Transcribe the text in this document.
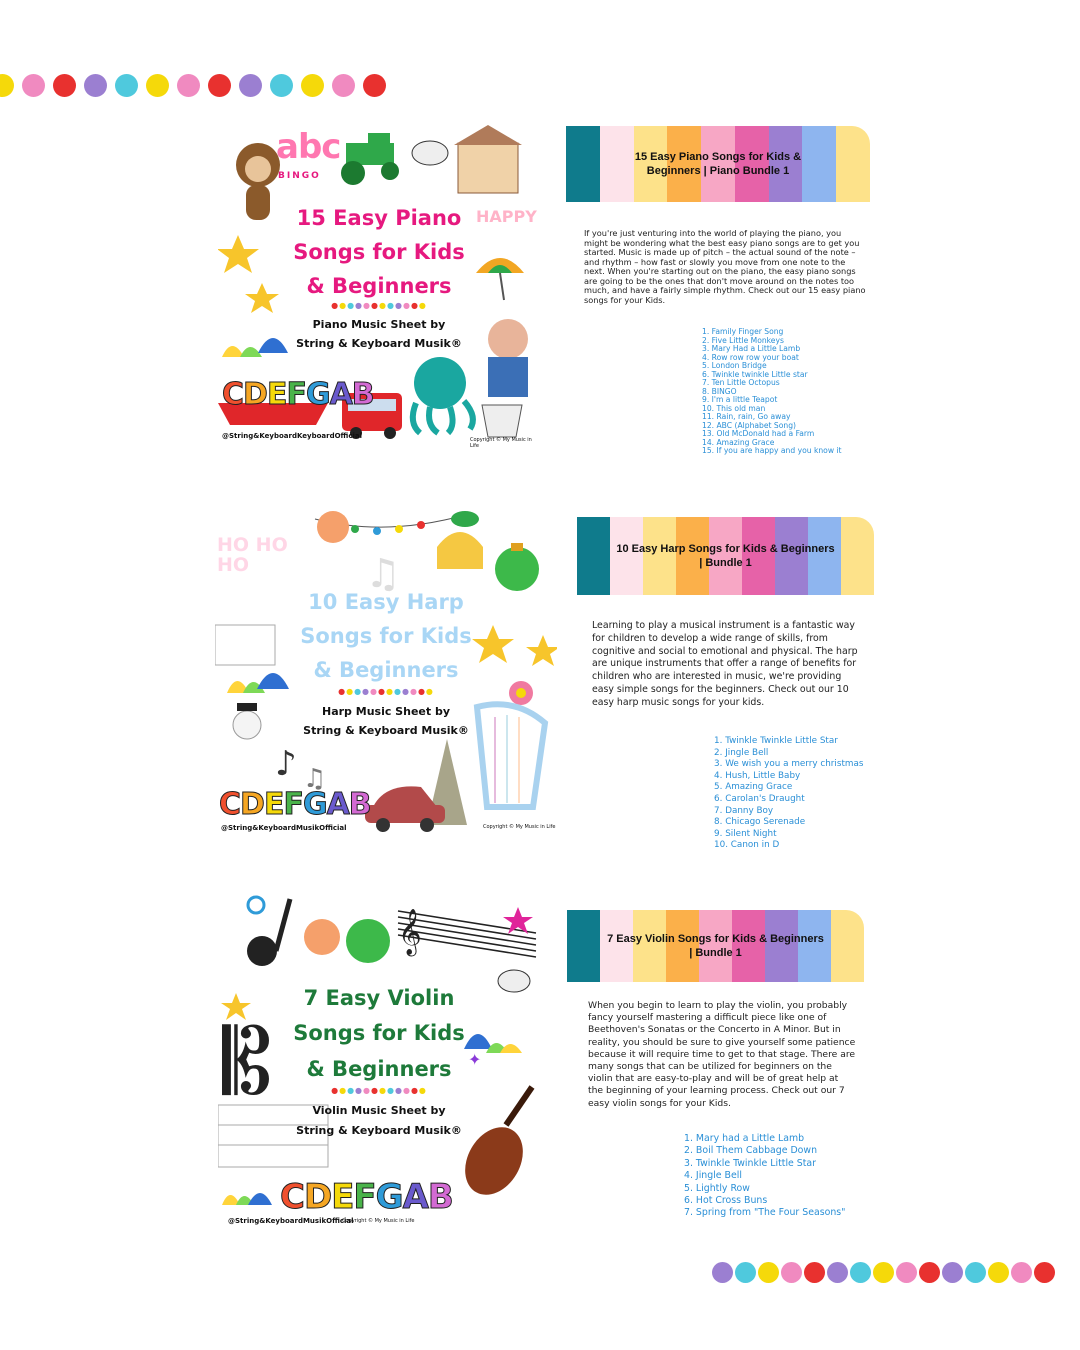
abc
BINGO
HAPPY
15 Easy Piano
Songs for Kids
& Beginners
●●●●●●●●●●●●
Piano Music Sheet by
String & Keyboard Musik®
CDEFGAB
@String&KeyboardKeyboardOfficial	Copyright © My Music in Life
15 Easy Piano Songs for Kids & Beginners | Piano Bundle 1
If you're just venturing into the world of playing the piano, you might be wondering what the best easy piano songs are to get you started. Music is made up of pitch – the actual sound of the note – and rhythm – how fast or slowly you move from one note to the next. When you're starting out on the piano, the easy piano songs are going to be the ones that don't move around on the notes too much, and have a fairly simple rhythm. Check out our 15 easy piano songs for your Kids.
1. Family Finger Song
2. Five Little Monkeys
3. Mary Had a Little Lamb
4. Row row row your boat
5. London Bridge
6. Twinkle twinkle Little star
7. Ten Little Octopus
8. BINGO
9. I'm a little Teapot
10. This old man
11. Rain, rain, Go away
12. ABC (Alphabet Song)
13. Old McDonald had a Farm
14. Amazing Grace
15. If you are happy and you know it
♫
♪ ♫
HO HO HO
10 Easy Harp
Songs for Kids
& Beginners
●●●●●●●●●●●●
Harp Music Sheet by
String & Keyboard Musik®
CDEFGAB
@String&KeyboardMusikOfficial	Copyright © My Music in Life
10 Easy Harp Songs for Kids & Beginners | Bundle 1
Learning to play a musical instrument is a fantastic way for children to develop a wide range of skills, from cognitive and social to emotional and physical. The harp are unique instruments that offer a range of benefits for children who are interested in music, we're providing easy simple songs for the beginners. Check out our 10 easy harp music songs for your kids.
1. Twinkle Twinkle Little Star
2. Jingle Bell
3. We wish you a merry christmas
4. Hush, Little Baby
5. Amazing Grace
6. Carolan's Draught
7. Danny Boy
8. Chicago Serenade
9. Silent Night
10. Canon in D
𝄞
𝄡	✦
7 Easy Violin
Songs for Kids
& Beginners
●●●●●●●●●●●●
Violin Music Sheet by
String & Keyboard Musik®
CDEFGAB
@String&KeyboardMusikOfficial
Copyright © My Music in Life
7 Easy Violin Songs for Kids & Beginners | Bundle 1
When you begin to learn to play the violin, you probably fancy yourself mastering a difficult piece like one of Beethoven's Sonatas or the Concerto in A Minor. But in reality, you should be sure to give yourself some patience because it will require time to get to that stage. There are many songs that can be utilized for beginners on the violin that are easy-to-play and will be of great help at the beginning of your learning process. Check out our 7 easy violin songs for your Kids.
1. Mary had a Little Lamb
2. Boil Them Cabbage Down
3. Twinkle Twinkle Little Star
4. Jingle Bell
5. Lightly Row
6. Hot Cross Buns
7. Spring from "The Four Seasons"
